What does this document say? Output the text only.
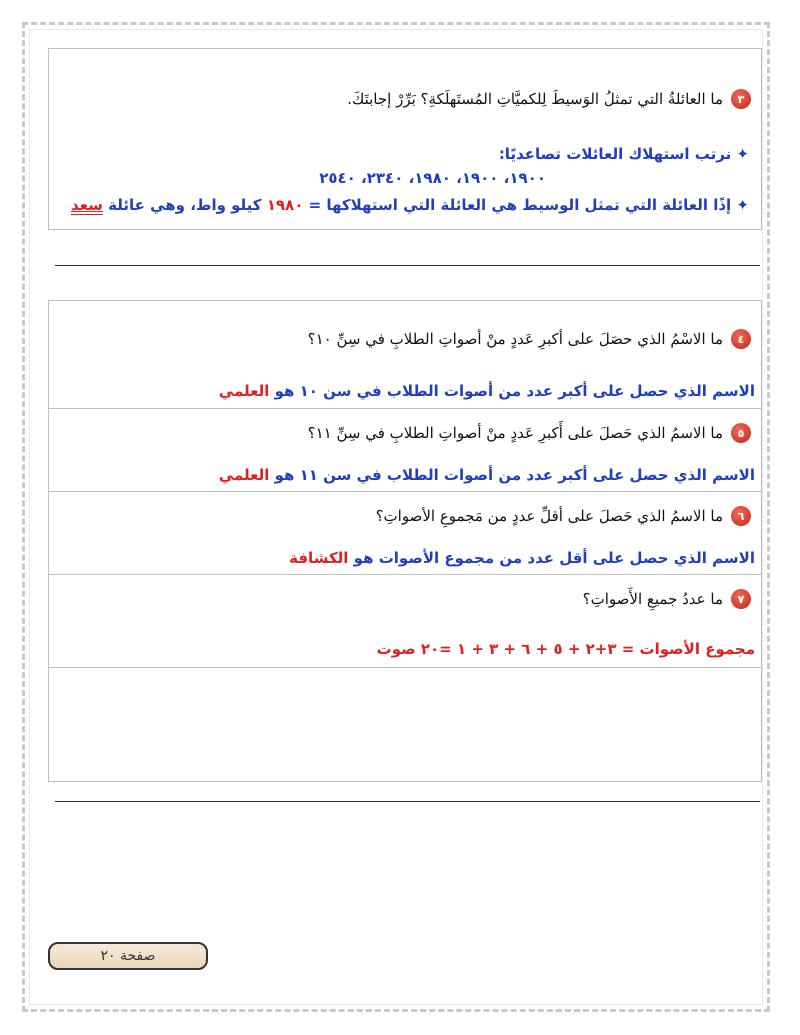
٣
ما العائلةُ التي تمثلُ الوَسيطَ لِلكميَّاتِ المُستَهلَكةِ؟ بَرِّرْ إجابتَكَ.
✦ نرتب استهلاك العائلات تصاعديًا:
١٩٠٠، ١٩٠٠، ١٩٨٠، ٢٣٤٠، ٢٥٤٠
✦ إذًا العائلة التي تمثل الوسيط هي العائلة التي استهلاكها = ١٩٨٠ كيلو واط، وهي عائلة سعد
٤
ما الاسْمُ الذي حصَلَ على أكبرِ عَددٍ منْ أصواتِ الطلابِ في سِنِّ ١٠؟
الاسم الذي حصل على أكبر عدد من أصوات الطلاب في سن ١٠ هو العلمي
٥
ما الاسمُ الذي حَصلَ على أَكبرِ عَددٍ منْ أصواتِ الطلابِ في سِنِّ ١١؟
الاسم الذي حصل على أكبر عدد من أصوات الطلاب في سن ١١ هو العلمي
٦
ما الاسمُ الذي حَصلَ على أقلِّ عددٍ من مَجموعِ الأصواتِ؟
الاسم الذي حصل على أقل عدد من مجموع الأصوات هو الكشافة
٧
ما عددُ جميعِ الأَصواتِ؟
مجموع الأصوات = ٣+٢ + ٥ + ٦ + ٣ + ١ =٢٠ صوت
صفحة ٢٠
